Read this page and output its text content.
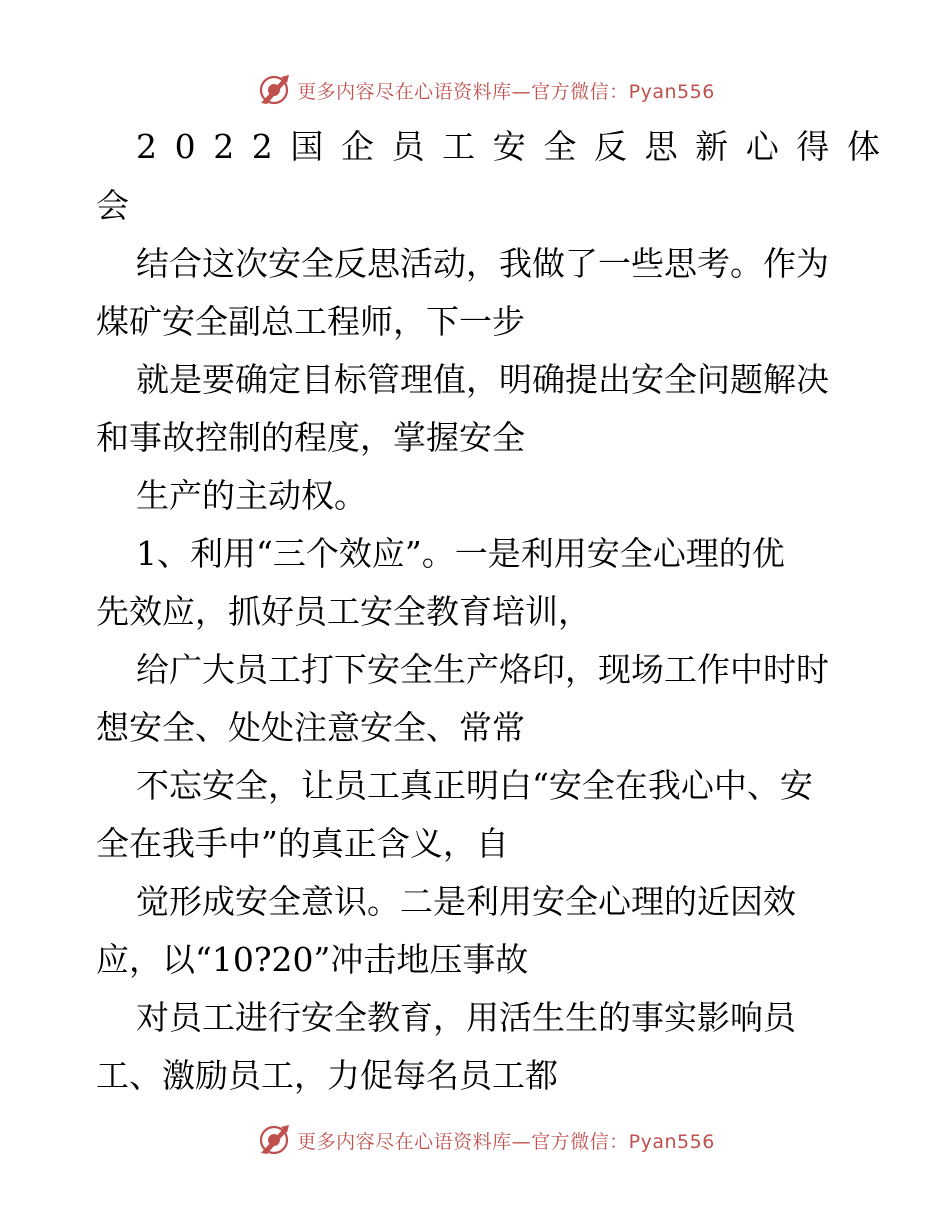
更多内容尽在心语资料库—官方微信：Pyan556
2022国企员工安全反思新心得体
会
结合这次安全反思活动，我做了一些思考。作为
煤矿安全副总工程师，下一步
就是要确定目标管理值，明确提出安全问题解决
和事故控制的程度，掌握安全
生产的主动权。
1、利用“三个效应”。一是利用安全心理的优
先效应，抓好员工安全教育培训，
给广大员工打下安全生产烙印，现场工作中时时
想安全、处处注意安全、常常
不忘安全，让员工真正明白“安全在我心中、安
全在我手中”的真正含义，自
觉形成安全意识。二是利用安全心理的近因效
应，以“10?20”冲击地压事故
对员工进行安全教育，用活生生的事实影响员
工、激励员工，力促每名员工都
更多内容尽在心语资料库—官方微信：Pyan556
